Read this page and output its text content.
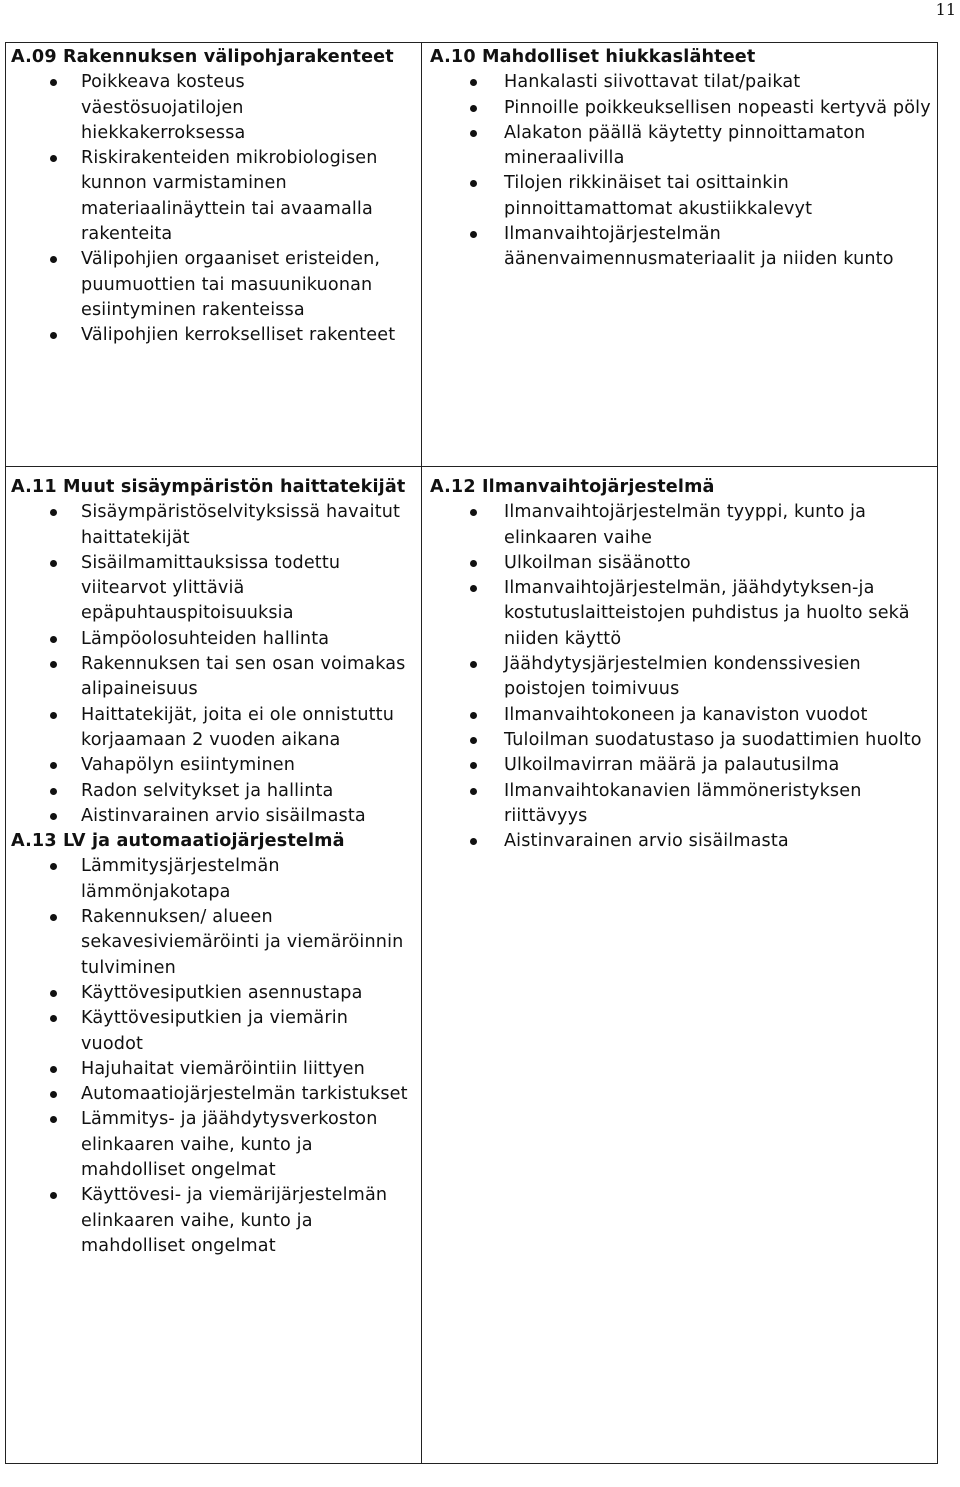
11
A.09 Rakennuksen välipohjarakenteet
Poikkeava kosteus väestösuojatilojen hiekkakerroksessa
Riskirakenteiden mikrobiologisen kunnon varmistaminen materiaalinäyttein tai avaamalla rakenteita
Välipohjien orgaaniset eristeiden, puumuottien tai masuunikuonan esiintyminen rakenteissa
Välipohjien kerrokselliset rakenteet
A.10 Mahdolliset hiukkaslähteet
Hankalasti siivottavat tilat/paikat
Pinnoille poikkeuksellisen nopeasti kertyvä pöly
Alakaton päällä käytetty pinnoittamaton mineraalivilla
Tilojen rikkinäiset tai osittainkin pinnoittamattomat akustiikkalevyt
Ilmanvaihtojärjestelmän äänenvaimennusmateriaalit ja niiden kunto
A.11 Muut sisäympäristön haittatekijät
Sisäympäristöselvityksissä havaitut haittatekijät
Sisäilmamittauksissa todettu viitearvot ylittäviä epäpuhtauspitoisuuksia
Lämpöolosuhteiden hallinta
Rakennuksen tai sen osan voimakas alipaineisuus
Haittatekijät, joita ei ole onnistuttu korjaamaan 2 vuoden aikana
Vahapölyn esiintyminen
Radon selvitykset ja hallinta
Aistinvarainen arvio sisäilmasta
A.13 LV ja automaatiojärjestelmä
Lämmitysjärjestelmän lämmönjakotapa
Rakennuksen/ alueen sekavesiviemäröinti ja viemäröinnin tulviminen
Käyttövesiputkien asennustapa
Käyttövesiputkien ja viemärin vuodot
Hajuhaitat viemäröintiin liittyen
Automaatiojärjestelmän tarkistukset
Lämmitys- ja jäähdytysverkoston elinkaaren vaihe, kunto ja mahdolliset ongelmat
Käyttövesi- ja viemärijärjestelmän elinkaaren vaihe, kunto ja mahdolliset ongelmat
A.12 Ilmanvaihtojärjestelmä
Ilmanvaihtojärjestelmän tyyppi, kunto ja elinkaaren vaihe
Ulkoilman sisäänotto
Ilmanvaihtojärjestelmän, jäähdytyksen-ja kostutuslaitteistojen puhdistus ja huolto sekä niiden käyttö
Jäähdytysjärjestelmien kondenssivesien poistojen toimivuus
Ilmanvaihtokoneen ja kanaviston vuodot
Tuloilman suodatustaso ja suodattimien huolto
Ulkoilmavirran määrä ja palautusilma
Ilmanvaihtokanavien lämmöneristyksen riittävyys
Aistinvarainen arvio sisäilmasta
